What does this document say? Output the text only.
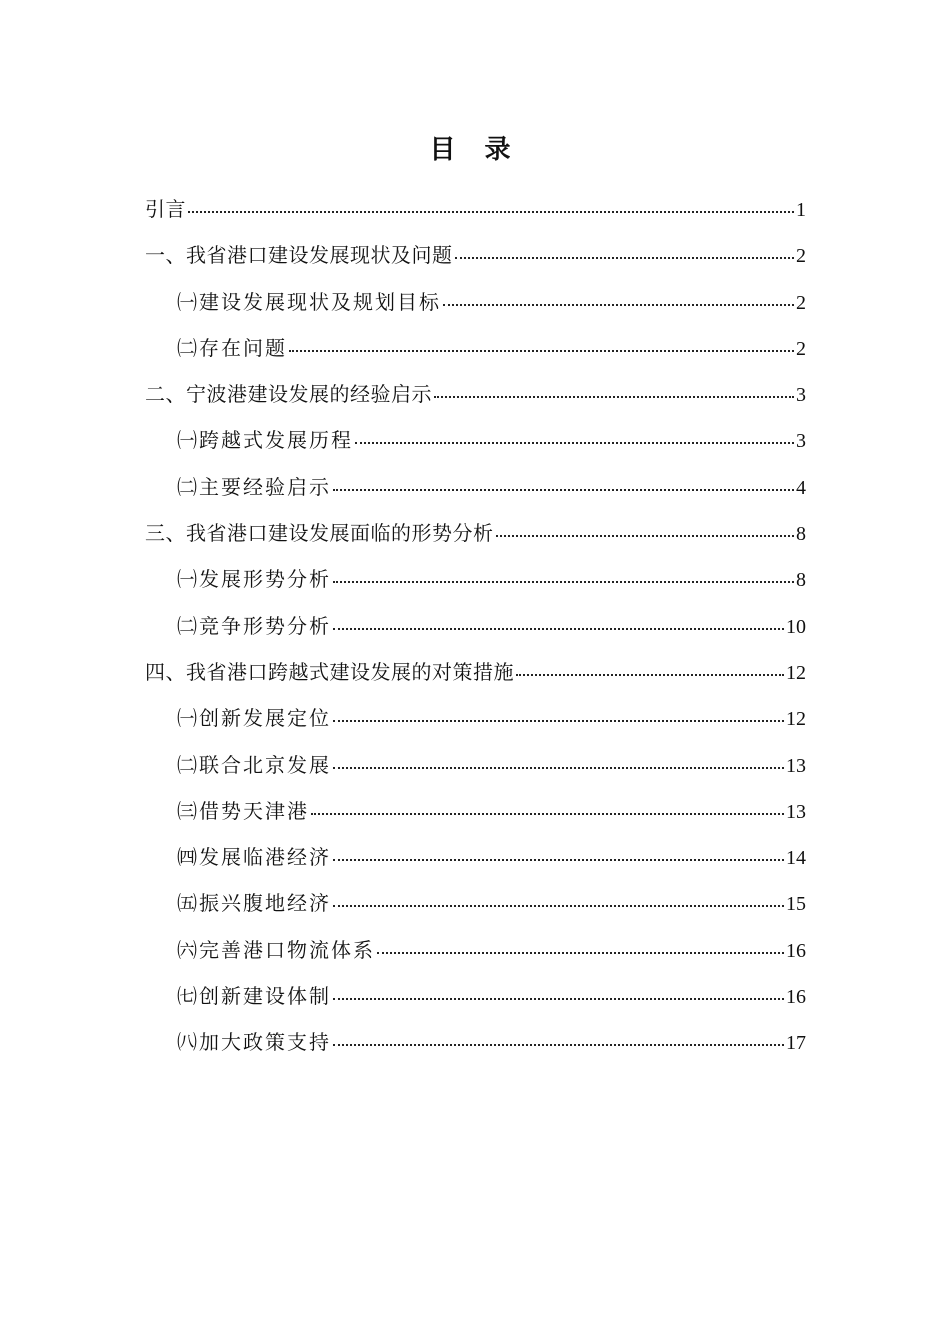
目 录
引言	1
一、我省港口建设发展现状及问题	2
㈠建设发展现状及规划目标	2
㈡存在问题	2
二、宁波港建设发展的经验启示	3
㈠跨越式发展历程	3
㈡主要经验启示	4
三、我省港口建设发展面临的形势分析	8
㈠发展形势分析	8
㈡竞争形势分析	10
四、我省港口跨越式建设发展的对策措施	12
㈠创新发展定位	12
㈡联合北京发展	13
㈢借势天津港	13
㈣发展临港经济	14
㈤振兴腹地经济	15
㈥完善港口物流体系	16
㈦创新建设体制	16
㈧加大政策支持	17
